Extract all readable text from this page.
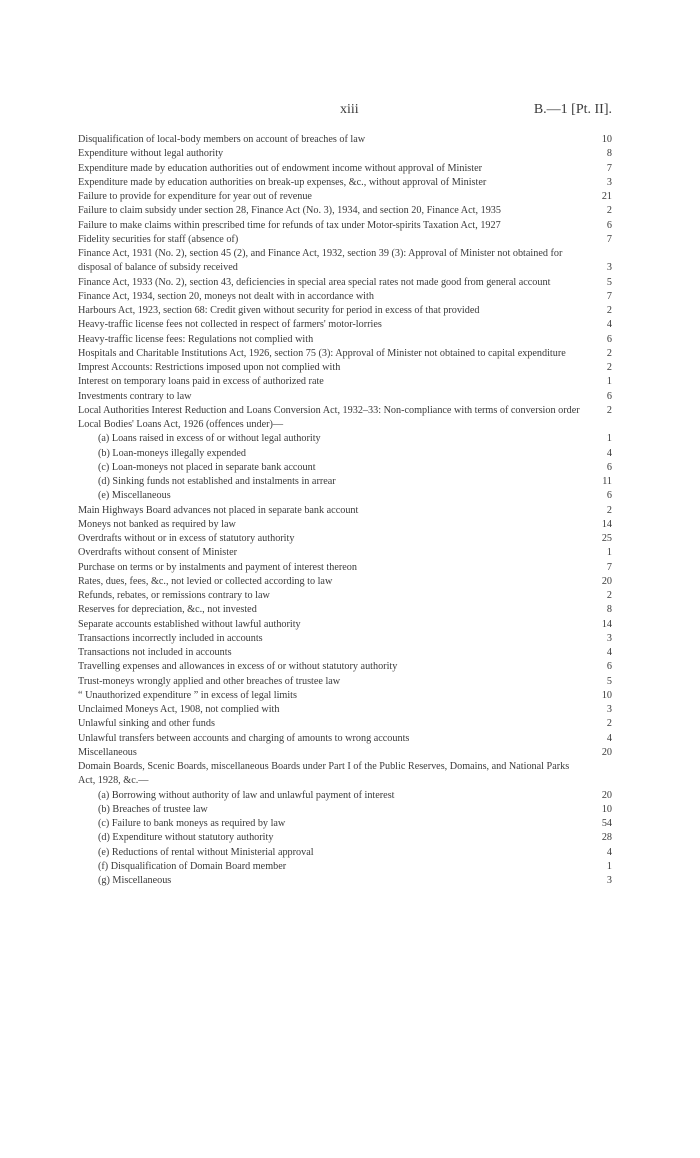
xiii	B.—1 [Pt. II].
Disqualification of local-body members on account of breaches of law	10
Expenditure without legal authority	8
Expenditure made by education authorities out of endowment income without approval of Minister	7
Expenditure made by education authorities on break-up expenses, &c., without approval of Minister	3
Failure to provide for expenditure for year out of revenue	21
Failure to claim subsidy under section 28, Finance Act (No. 3), 1934, and section 20, Finance Act, 1935	2
Failure to make claims within prescribed time for refunds of tax under Motor-spirits Taxation Act, 1927	6
Fidelity securities for staff (absence of)	7
Finance Act, 1931 (No. 2), section 45 (2), and Finance Act, 1932, section 39 (3): Approval of Minister not obtained for disposal of balance of subsidy received	3
Finance Act, 1933 (No. 2), section 43, deficiencies in special area special rates not made good from general account	5
Finance Act, 1934, section 20, moneys not dealt with in accordance with	7
Harbours Act, 1923, section 68: Credit given without security for period in excess of that provided	2
Heavy-traffic license fees not collected in respect of farmers' motor-lorries	4
Heavy-traffic license fees: Regulations not complied with	6
Hospitals and Charitable Institutions Act, 1926, section 75 (3): Approval of Minister not obtained to capital expenditure	2
Imprest Accounts: Restrictions imposed upon not complied with	2
Interest on temporary loans paid in excess of authorized rate	1
Investments contrary to law	6
Local Authorities Interest Reduction and Loans Conversion Act, 1932–33: Non-compliance with terms of conversion order	2
Local Bodies' Loans Act, 1926 (offences under)—
(a) Loans raised in excess of or without legal authority	1
(b) Loan-moneys illegally expended	4
(c) Loan-moneys not placed in separate bank account	6
(d) Sinking funds not established and instalments in arrear	11
(e) Miscellaneous	6
Main Highways Board advances not placed in separate bank account	2
Moneys not banked as required by law	14
Overdrafts without or in excess of statutory authority	25
Overdrafts without consent of Minister	1
Purchase on terms or by instalments and payment of interest thereon	7
Rates, dues, fees, &c., not levied or collected according to law	20
Refunds, rebates, or remissions contrary to law	2
Reserves for depreciation, &c., not invested	8
Separate accounts established without lawful authority	14
Transactions incorrectly included in accounts	3
Transactions not included in accounts	4
Travelling expenses and allowances in excess of or without statutory authority	6
Trust-moneys wrongly applied and other breaches of trustee law	5
“ Unauthorized expenditure ” in excess of legal limits	10
Unclaimed Moneys Act, 1908, not complied with	3
Unlawful sinking and other funds	2
Unlawful transfers between accounts and charging of amounts to wrong accounts	4
Miscellaneous	20
Domain Boards, Scenic Boards, miscellaneous Boards under Part I of the Public Reserves, Domains, and National Parks Act, 1928, &c.—
(a) Borrowing without authority of law and unlawful payment of interest	20
(b) Breaches of trustee law	10
(c) Failure to bank moneys as required by law	54
(d) Expenditure without statutory authority	28
(e) Reductions of rental without Ministerial approval	4
(f) Disqualification of Domain Board member	1
(g) Miscellaneous	3
